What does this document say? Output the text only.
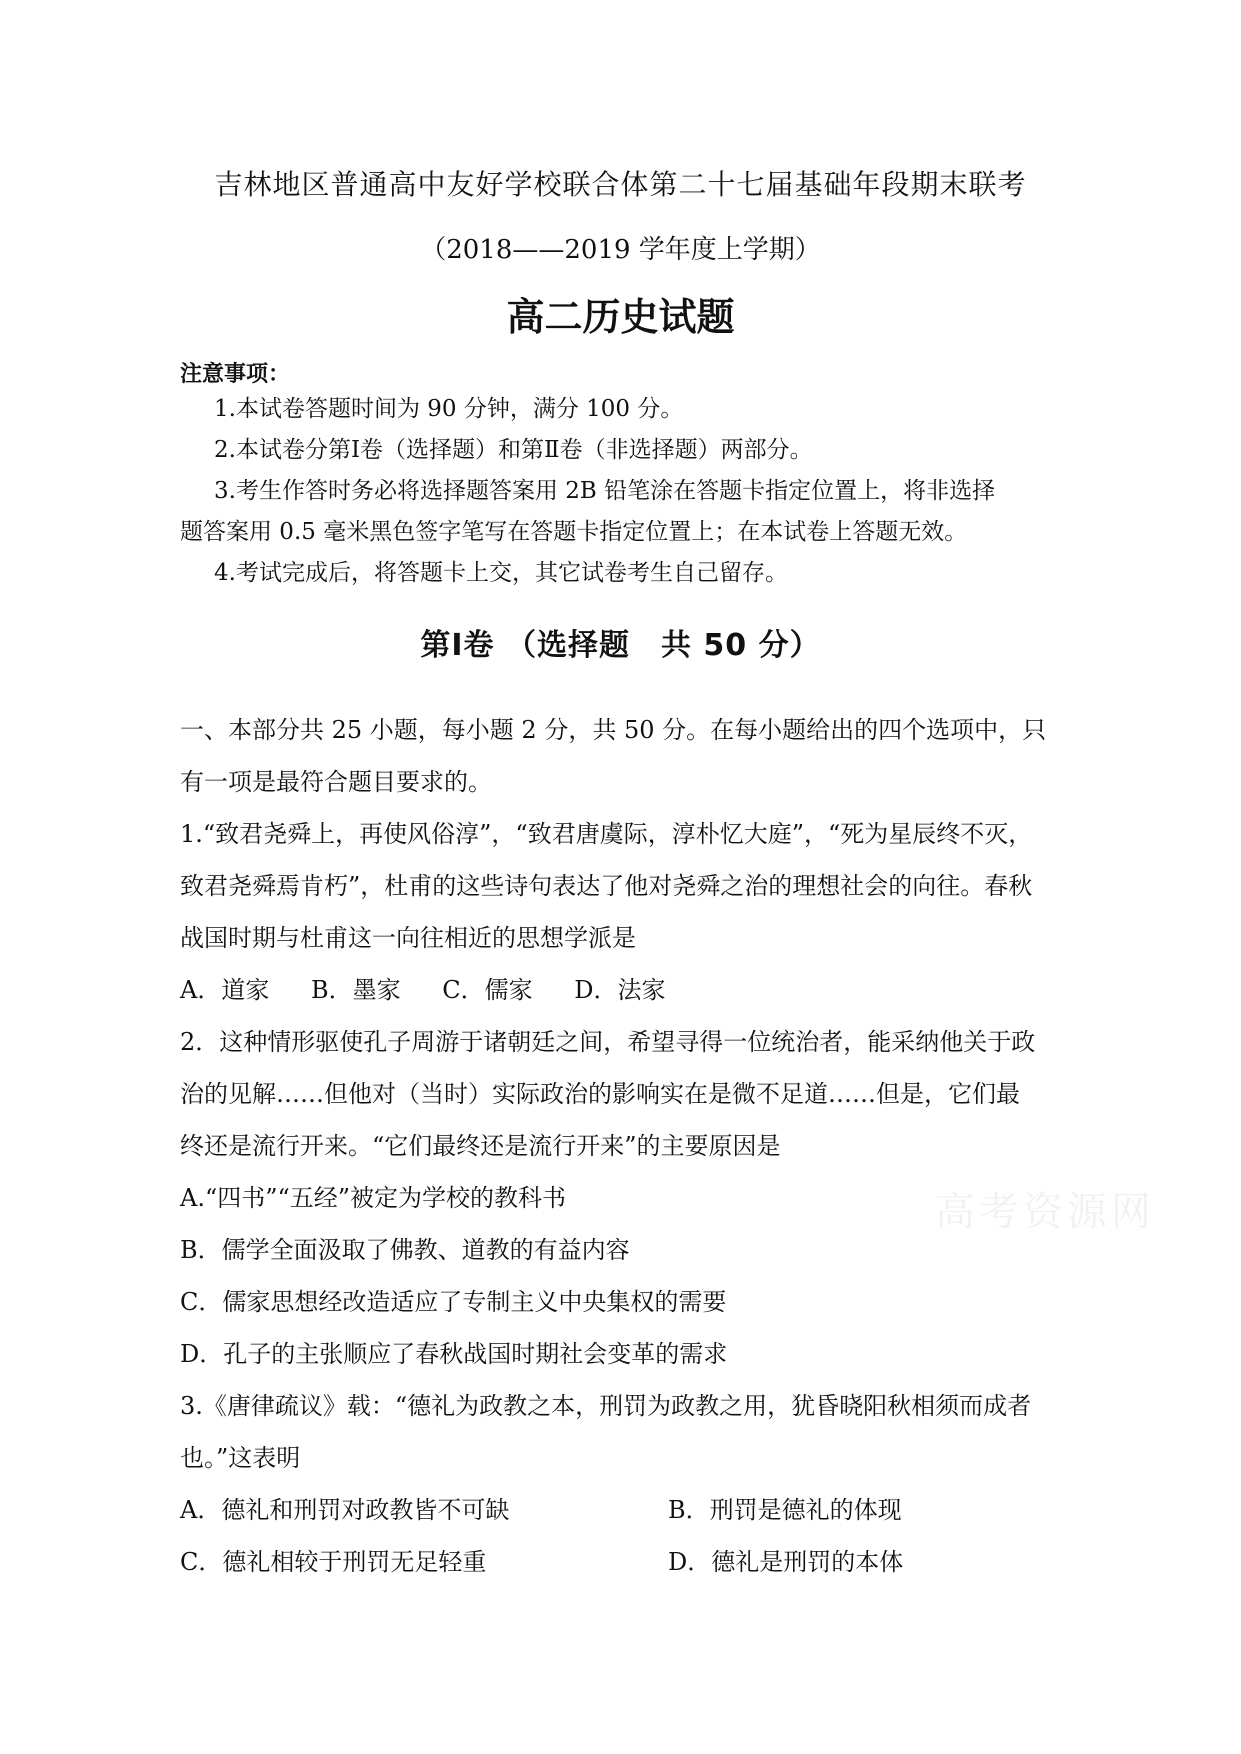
吉林地区普通高中友好学校联合体第二十七届基础年段期末联考
（2018——2019 学年度上学期）
高二历史试题
注意事项：
1.本试卷答题时间为 90 分钟，满分 100 分。
2.本试卷分第Ⅰ卷（选择题）和第Ⅱ卷（非选择题）两部分。
3.考生作答时务必将选择题答案用 2B 铅笔涂在答题卡指定位置上，将非选择
题答案用 0.5 毫米黑色签字笔写在答题卡指定位置上；在本试卷上答题无效。
4.考试完成后，将答题卡上交，其它试卷考生自己留存。
第Ⅰ卷 （选择题　共 50 分）
一、本部分共 25 小题，每小题 2 分，共 50 分。在每小题给出的四个选项中，只
有一项是最符合题目要求的。
1.“致君尧舜上，再使风俗淳”，“致君唐虞际，淳朴忆大庭”，“死为星辰终不灭，
致君尧舜焉肯朽”，杜甫的这些诗句表达了他对尧舜之治的理想社会的向往。春秋
战国时期与杜甫这一向往相近的思想学派是
A．道家 B．墨家 C．儒家 D．法家
2．这种情形驱使孔子周游于诸朝廷之间，希望寻得一位统治者，能采纳他关于政
治的见解……但他对（当时）实际政治的影响实在是微不足道……但是，它们最
终还是流行开来。“它们最终还是流行开来”的主要原因是
A.“四书”“五经”被定为学校的教科书
B．儒学全面汲取了佛教、道教的有益内容
C．儒家思想经改造适应了专制主义中央集权的需要
D．孔子的主张顺应了春秋战国时期社会变革的需求
3.《唐律疏议》载：“德礼为政教之本，刑罚为政教之用，犹昏晓阳秋相须而成者
也。”这表明
A．德礼和刑罚对政教皆不可缺	B．刑罚是德礼的体现
C．德礼相较于刑罚无足轻重	D．德礼是刑罚的本体
高考资源网
